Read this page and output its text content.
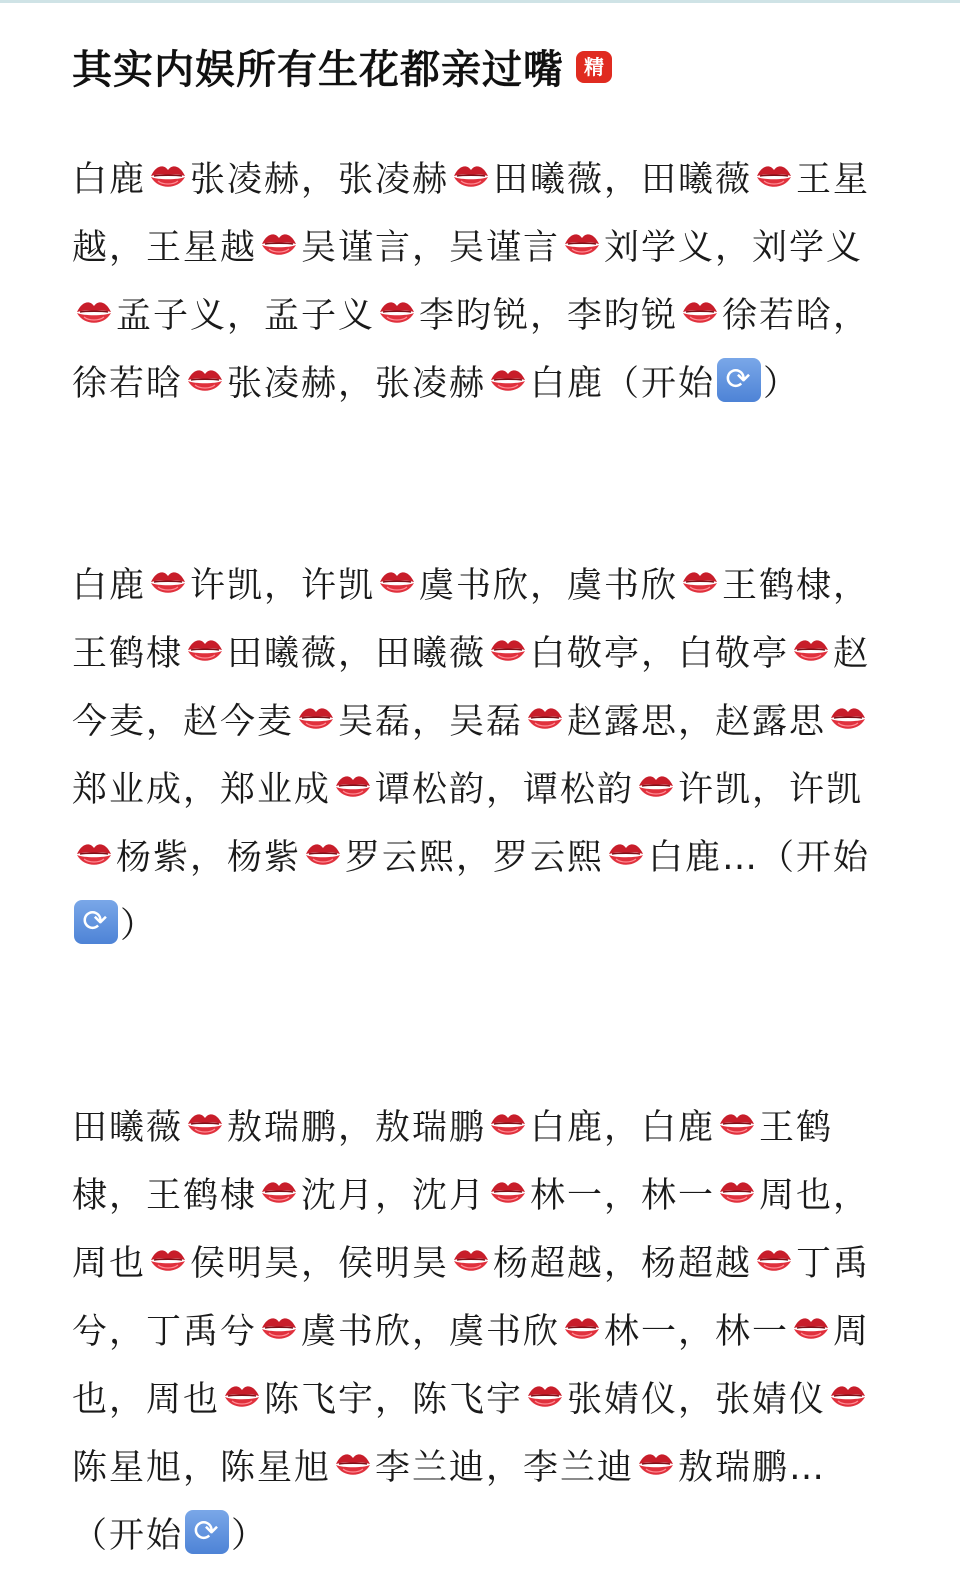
其实内娱所有生花都亲过嘴	精

白鹿 张凌赫，张凌赫 田曦薇，田曦薇 王星越，王星越 吴谨言，吴谨言 刘学义，刘学义
孟子义，孟子义 李昀锐，李昀锐 徐若晗，徐若晗 张凌赫，张凌赫 白鹿（开始 ⟳ ）

白鹿 许凯，许凯 虞书欣，虞书欣 王鹤棣，王鹤棣 田曦薇，田曦薇 白敬亭，白敬亭 赵今麦，赵今麦 吴磊，吴磊 赵露思，赵露思
郑业成，郑业成 谭松韵，谭松韵 许凯，许凯
杨紫，杨紫 罗云熙，罗云熙 白鹿…（开始⟳）

田曦薇 敖瑞鹏，敖瑞鹏 白鹿，白鹿 王鹤棣，王鹤棣 沈月，沈月 林一，林一 周也，周也 侯明昊，侯明昊 杨超越，杨超越 丁禹兮，丁禹兮 虞书欣，虞书欣 林一，林一 周也，周也 陈飞宇，陈飞宇 张婧仪，张婧仪
陈星旭，陈星旭 李兰迪，李兰迪 敖瑞鹏…（开始 ⟳ ）
